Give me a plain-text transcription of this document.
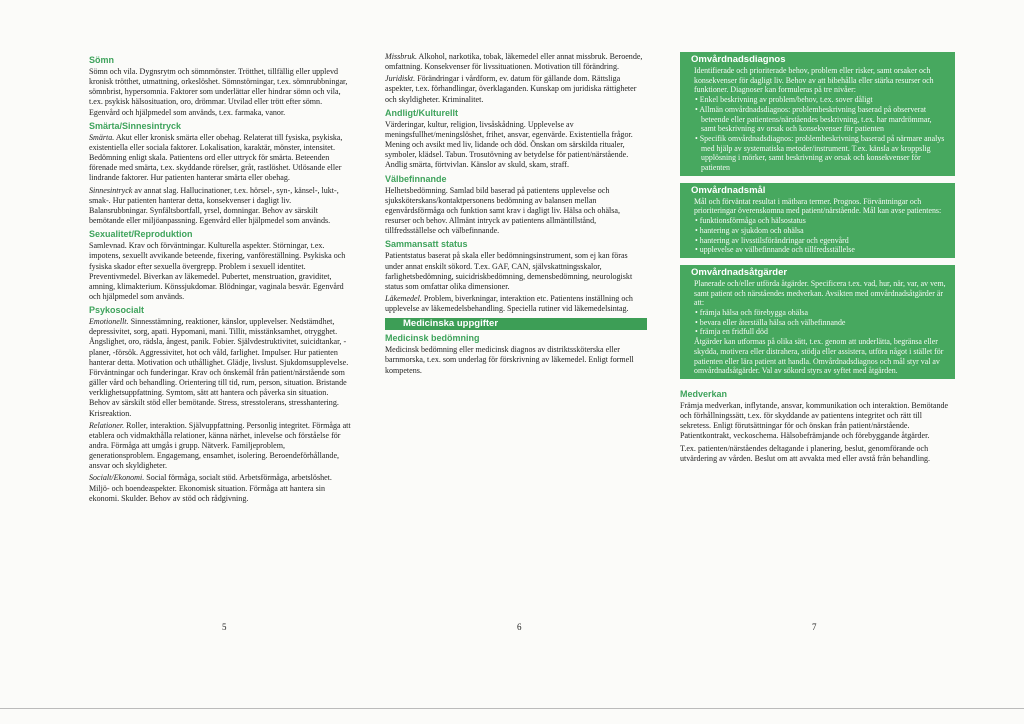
Sömn

Sömn och vila. Dygnsrytm och sömnmönster. Trötthet, tillfällig eller upplevd kronisk trötthet, utmattning, orkeslöshet. Sömnstörningar, t.ex. sömnrubbningar, sömnbrist, hypersomnia. Faktorer som underlättar eller hindrar sömn och vila, t.ex. psykisk hälsosituation, oro, drömmar. Utvilad eller trött efter sömn. Egenvård och hjälpmedel som används, t.ex. farmaka, vanor.

Smärta/Sinnesintryck

Smärta. Akut eller kronisk smärta eller obehag. Relaterat till fysiska, psykiska, existentiella eller sociala faktorer. Lokalisation, karaktär, mönster, intensitet. Bedömning enligt skala. Patientens ord eller uttryck för smärta. Beteenden förenade med smärta, t.ex. skyddande rörelser, gråt, rastlöshet. Utlösande eller lindrande faktorer. Hur patienten hanterar smärta eller obehag.

Sinnesintryck av annat slag. Hallucinationer, t.ex. hörsel-, syn-, känsel-, lukt-, smak-. Hur patienten hanterar detta, konsekvenser i dagligt liv. Balansrubbningar. Synfältsbortfall, yrsel, domningar. Behov av särskilt bemötande eller miljöanpassning. Egenvård eller hjälpmedel som används.

Sexualitet/Reproduktion

Samlevnad. Krav och förväntningar. Kulturella aspekter. Störningar, t.ex. impotens, sexuellt avvikande beteende, fixering, vanföreställning. Psykiska och fysiska skador efter sexuella övergrepp. Problem i sexuell identitet. Preventivmedel. Biverkan av läkemedel. Pubertet, menstruation, graviditet, amning, klimakterium. Könssjukdomar. Blödningar, vaginala besvär. Egenvård och hjälpmedel som används.

Psykosocialt

Emotionellt. Sinnesstämning, reaktioner, känslor, upplevelser. Nedstämdhet, depressivitet, sorg, apati. Hypomani, mani. Tillit, misstänksamhet, otrygghet. Ångslighet, oro, rädsla, ångest, panik. Fobier. Självdestruktivitet, suicidtankar, -planer, -försök. Aggressivitet, hot och våld, farlighet. Impulser. Hur patienten hanterar detta. Motivation och uthållighet. Glädje, livslust. Sjukdomsupplevelse. Förväntningar och funderingar. Krav och önskemål från patient/närstående som gäller vård och behandling. Orientering till tid, rum, person, situation. Bristande verklighetsuppfattning. Symtom, sätt att hantera och påverka sin situation. Behov av särskilt stöd eller bemötande. Stress, stresstolerans, stresshantering. Krisreaktion.

Relationer. Roller, interaktion. Självuppfattning. Personlig integritet. Förmåga att etablera och vidmakthålla relationer, känna närhet, inlevelse och förståelse för andra. Förmåga att umgås i grupp. Nätverk. Familjeproblem, generationsproblem. Engagemang, ensamhet, isolering. Beroendeförhållande, ansvar och skyldigheter.

Socialt/Ekonomi. Social förmåga, socialt stöd. Arbetsförmåga, arbetslöshet. Miljö- och boendeaspekter. Ekonomisk situation. Förmåga att hantera sin ekonomi. Skulder. Behov av stöd och rådgivning.

Missbruk. Alkohol, narkotika, tobak, läkemedel eller annat missbruk. Beroende, omfattning. Konsekvenser för livssituationen. Motivation till förändring.

Juridiskt. Förändringar i vårdform, ev. datum för gällande dom. Rättsliga aspekter, t.ex. förhandlingar, överklaganden. Kunskap om juridiska rättigheter och skyldigheter. Kriminalitet.

Andligt/Kulturellt

Värderingar, kultur, religion, livsåskådning. Upplevelse av meningsfullhet/meningslöshet, frihet, ansvar, egenvärde. Existentiella frågor. Mening och avsikt med liv, lidande och död. Önskan om särskilda ritualer, symboler, klädsel. Tabun. Trosutövning av betydelse för patient/närstående. Andlig smärta, förtvivlan. Känslor av skuld, skam, straff.

Välbefinnande

Helhetsbedömning. Samlad bild baserad på patientens upplevelse och sjuksköterskans/kontaktpersonens bedömning av balansen mellan egenvårdsförmåga och funktion samt krav i dagligt liv. Hälsa och ohälsa, resurser och behov. Allmänt intryck av patientens allmäntillstånd, tillfredsställelse och välbefinnande.

Sammansatt status

Patientstatus baserat på skala eller bedömningsinstrument, som ej kan föras under annat enskilt sökord. T.ex. GAF, CAN, självskattningsskalor, farlighetsbedömning, suicidriskbedömning, demensbedömning, neurologiskt status som omfattar olika dimensioner.

Läkemedel. Problem, biverkningar, interaktion etc. Patientens inställning och upplevelse av läkemedelsbehandling. Speciella rutiner vid läkemedelsintag.

Medicinska uppgifter
Medicinsk bedömning

Medicinsk bedömning eller medicinsk diagnos av distriktssköterska eller barnmorska, t.ex. som underlag för förskrivning av läkemedel. Enligt formell kompetens.

Omvårdnadsdiagnos
Identifierade och prioriterade behov, problem eller risker, samt orsaker och konsekvenser för dagligt liv. Behov av att bibehålla eller stärka resurser och funktioner. Diagnoser kan formuleras på tre nivåer:
• Enkel beskrivning av problem/behov, t.ex. sover dåligt
• Allmän omvårdnadsdiagnos: problembeskrivning baserad på observerat beteende eller patientens/närståendes beskrivning, t.ex. har mardrömmar, samt beskrivning av orsak och konsekvenser för patienten
• Specifik omvårdnadsdiagnos: problembeskrivning baserad på närmare analys med hjälp av systematiska metoder/instrument. T.ex. känsla av kroppslig upplösning i mörker, samt beskrivning av orsak och konsekvenser för patienten
Omvårdnadsmål
Mål och förväntat resultat i mätbara termer. Prognos. Förväntningar och prioriteringar överenskomna med patient/närstående. Mål kan avse patientens:
• funktionsförmåga och hälsostatus
• hantering av sjukdom och ohälsa
• hantering av livsstilsförändringar och egenvård
• upplevelse av välbefinnande och tillfredsställelse
Omvårdnadsåtgärder
Planerade och/eller utförda åtgärder. Specificera t.ex. vad, hur, när, var, av vem, samt patient och närståendes medverkan. Avsikten med omvårdnadsåtgärder är att:
• främja hälsa och förebygga ohälsa
• bevara eller återställa hälsa och välbefinnande
• främja en fridfull död
Åtgärder kan utformas på olika sätt, t.ex. genom att underlätta, begränsa eller skydda, motivera eller distrahera, stödja eller assistera, utföra något i stället för patienten eller lära patient att handla. Omvårdnadsdiagnos och mål styr val av omvårdnadsåtgärder. Val av sökord styrs av syftet med åtgärden.
Medverkan

Främja medverkan, inflytande, ansvar, kommunikation och interaktion. Bemötande och förhållningssätt, t.ex. för skyddande av patientens integritet och rätt till sekretess. Enligt förutsättningar för och önskan från patient/närstående. Patientkontrakt, veckoschema. Hälsobefrämjande och förebyggande åtgärder.

T.ex. patienten/närståendes deltagande i planering, beslut, genomförande och utvärdering av vården. Beslut om att avvakta med eller avstå från behandling.

5	6	7
